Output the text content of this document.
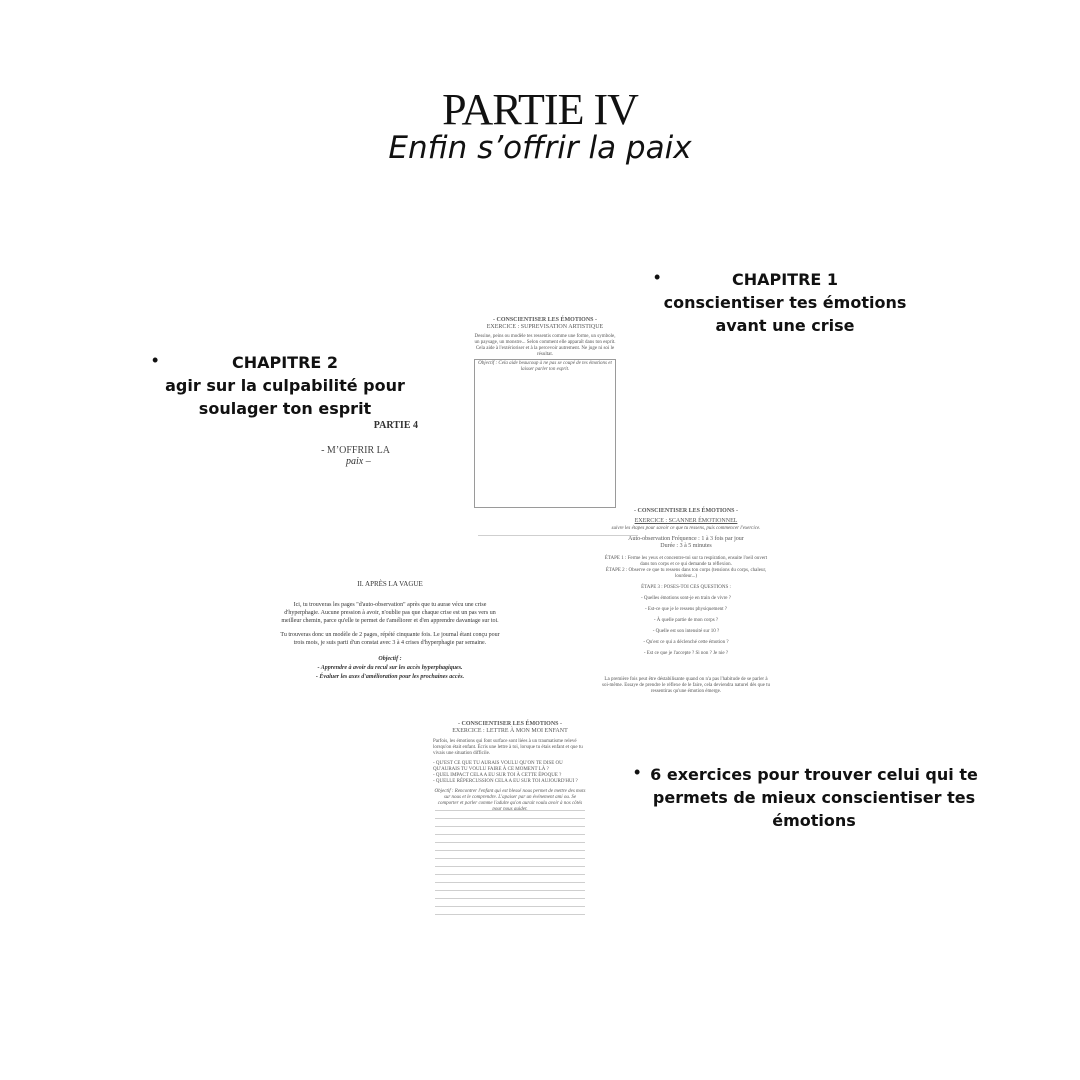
PARTIE IV
Enfin s’offrir la paix
•	CHAPITRE 1
conscientiser tes émotions
avant une crise
•	CHAPITRE 2
agir sur la culpabilité pour
soulager ton esprit
• 6 exercices pour trouver celui qui te
permets de mieux conscientiser tes
émotions
PARTIE 4
- M’OFFRIR LA
paix –
- CONSCIENTISER LES ÉMOTIONS -
EXERCICE : SUPREVISATION ARTISTIQUE
Dessine, peins ou modèle tes ressentis comme une forme, un symbole, un paysage, un monstre... Selon comment elle apparaît dans ton esprit. Cela aide à l'extérioriser et à la percevoir autrement. Ne juge ni soi le résultat.
Objectif : Cela aide beaucoup à ne pas se coupé de tes émotions et laisser parler ton esprit.
- CONSCIENTISER LES ÉMOTIONS -
EXERCICE : SCANNER ÉMOTIONNEL
suivre les étapes pour savoir ce que tu ressens, puis commencer l'exercice.
Auto-observation Fréquence : 1 à 3 fois par jour
Durée : 3 à 5 minutes
ÉTAPE 1 : Ferme les yeux et concentre-toi sur ta respiration, ensuite l'oeil ouvert dans ton corps et ce qui demande ta réflexion.
ÉTAPE 2 : Observe ce que tu ressens dans ton corps (tensions du corps, chaleur, lourdeur...)
ÉTAPE 3 : POSES-TOI CES QUESTIONS :
- Quelles émotions sont-je en train de vivre ?
- Est-ce que je le ressens physiquement ?
- À quelle partie de mon corps ?
- Quelle est son intensité sur 10 ?
- Qu'est ce qui a déclenché cette émotion ?
- Est ce que je l'accepte ? Si non ? Je nie ?
La première fois peut être déstabilisante quand on n'a pas l'habitude de se parler à soi-même. Essaye de prendre le réflexe de le faire, cela deviendra naturel dès que tu ressentiras qu'une émotion émerge.
II. APRÈS LA VAGUE
Ici, tu trouveras les pages "d'auto-observation" après que tu aurae vécu une crise d'hyperphagie. Aucune pression à avoir, n'oublie pas que chaque crise est un pas vers un meilleur chemin, parce qu'elle te permet de t'améliorer et d'en apprendre davantage sur toi.
Tu trouveras donc un modèle de 2 pages, répété cinquante fois. Le journal étant conçu pour trois mois, je suis parti d'un constat avec 3 à 4 crises d'hyperphagie par semaine.
Objectif :
- Apprendre à avoir du recul sur les accès hyperphagiques.
- Évaluer les axes d'amélioration pour les prochaines accès.
- CONSCIENTISER LES ÉMOTIONS -
EXERCICE : LETTRE À MON MOI ENFANT
Parfois, les émotions qui font surface sont liées à un traumatisme relevé lorsqu'on était enfant. Écris une lettre à toi, lorsque tu étais enfant et que tu vivais une situation difficile.
- QU'EST CE QUE TU AURAIS VOULU QU'ON TE DISE OU QU'AURAIS TU VOULU FAIRE À CE MOMENT LÀ ?
- QUEL IMPACT CELA A EU SUR TOI À CETTE ÉPOQUE ?
- QUELLE RÉPERCUSSION CELA A EU SUR TOI AUJOURD'HUI ?
Objectif : Rencontrer l'enfant qui est blessé nous permet de mettre des mots sur nous et le comprendre. L'apaiser par un événement ami ou. Se comporter et parler comme l'adulte qu'on aurait voulu avoir à nos côtés
